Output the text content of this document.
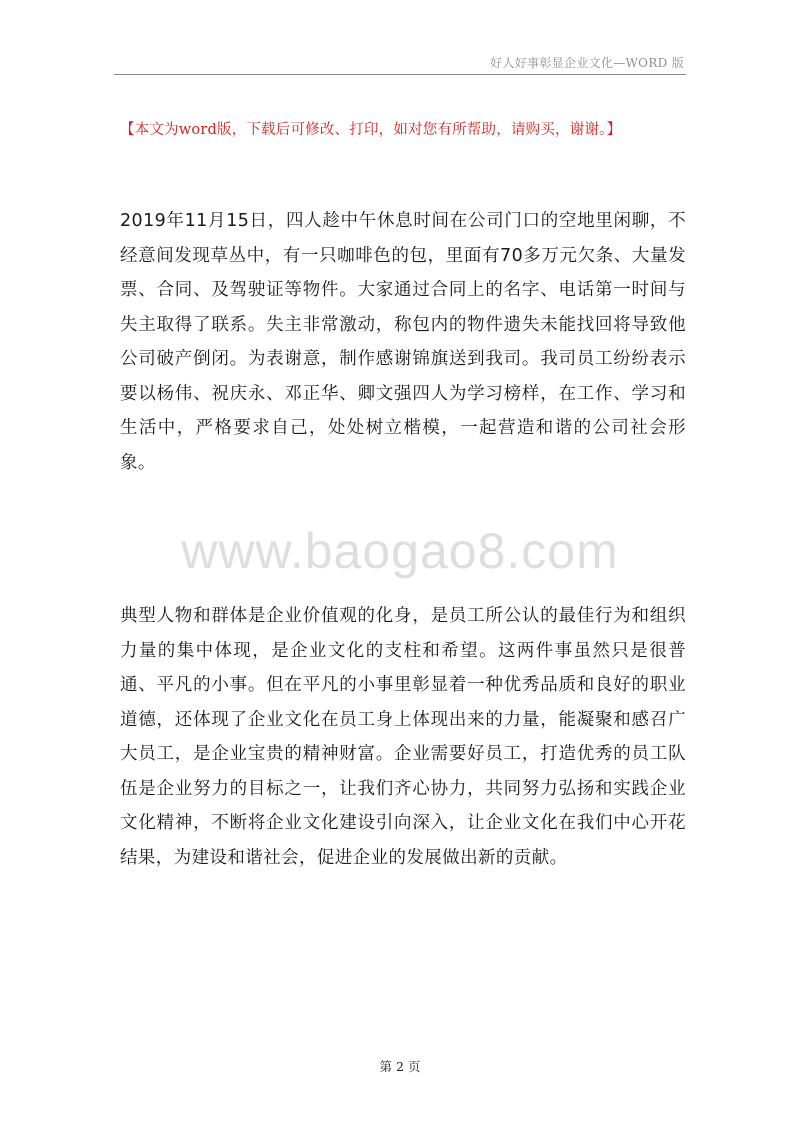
好人好事彰显企业文化—WORD 版
【本文为word版，下载后可修改、打印，如对您有所帮助，请购买，谢谢。】

2019年11月15日，四人趁中午休息时间在公司门口的空地里闲聊，不经意间发现草丛中，有一只咖啡色的包，里面有70多万元欠条、大量发票、合同、及驾驶证等物件。大家通过合同上的名字、电话第一时间与失主取得了联系。失主非常激动，称包内的物件遗失未能找回将导致他公司破产倒闭。为表谢意，制作感谢锦旗送到我司。我司员工纷纷表示要以杨伟、祝庆永、邓正华、卿文强四人为学习榜样，在工作、学习和生活中，严格要求自己，处处树立楷模，一起营造和谐的公司社会形象。

www.baogao8.com

典型人物和群体是企业价值观的化身，是员工所公认的最佳行为和组织力量的集中体现，是企业文化的支柱和希望。这两件事虽然只是很普通、平凡的小事。但在平凡的小事里彰显着一种优秀品质和良好的职业道德，还体现了企业文化在员工身上体现出来的力量，能凝聚和感召广大员工，是企业宝贵的精神财富。企业需要好员工，打造优秀的员工队伍是企业努力的目标之一，让我们齐心协力，共同努力弘扬和实践企业文化精神，不断将企业文化建设引向深入，让企业文化在我们中心开花结果，为建设和谐社会，促进企业的发展做出新的贡献。

第 2 页
